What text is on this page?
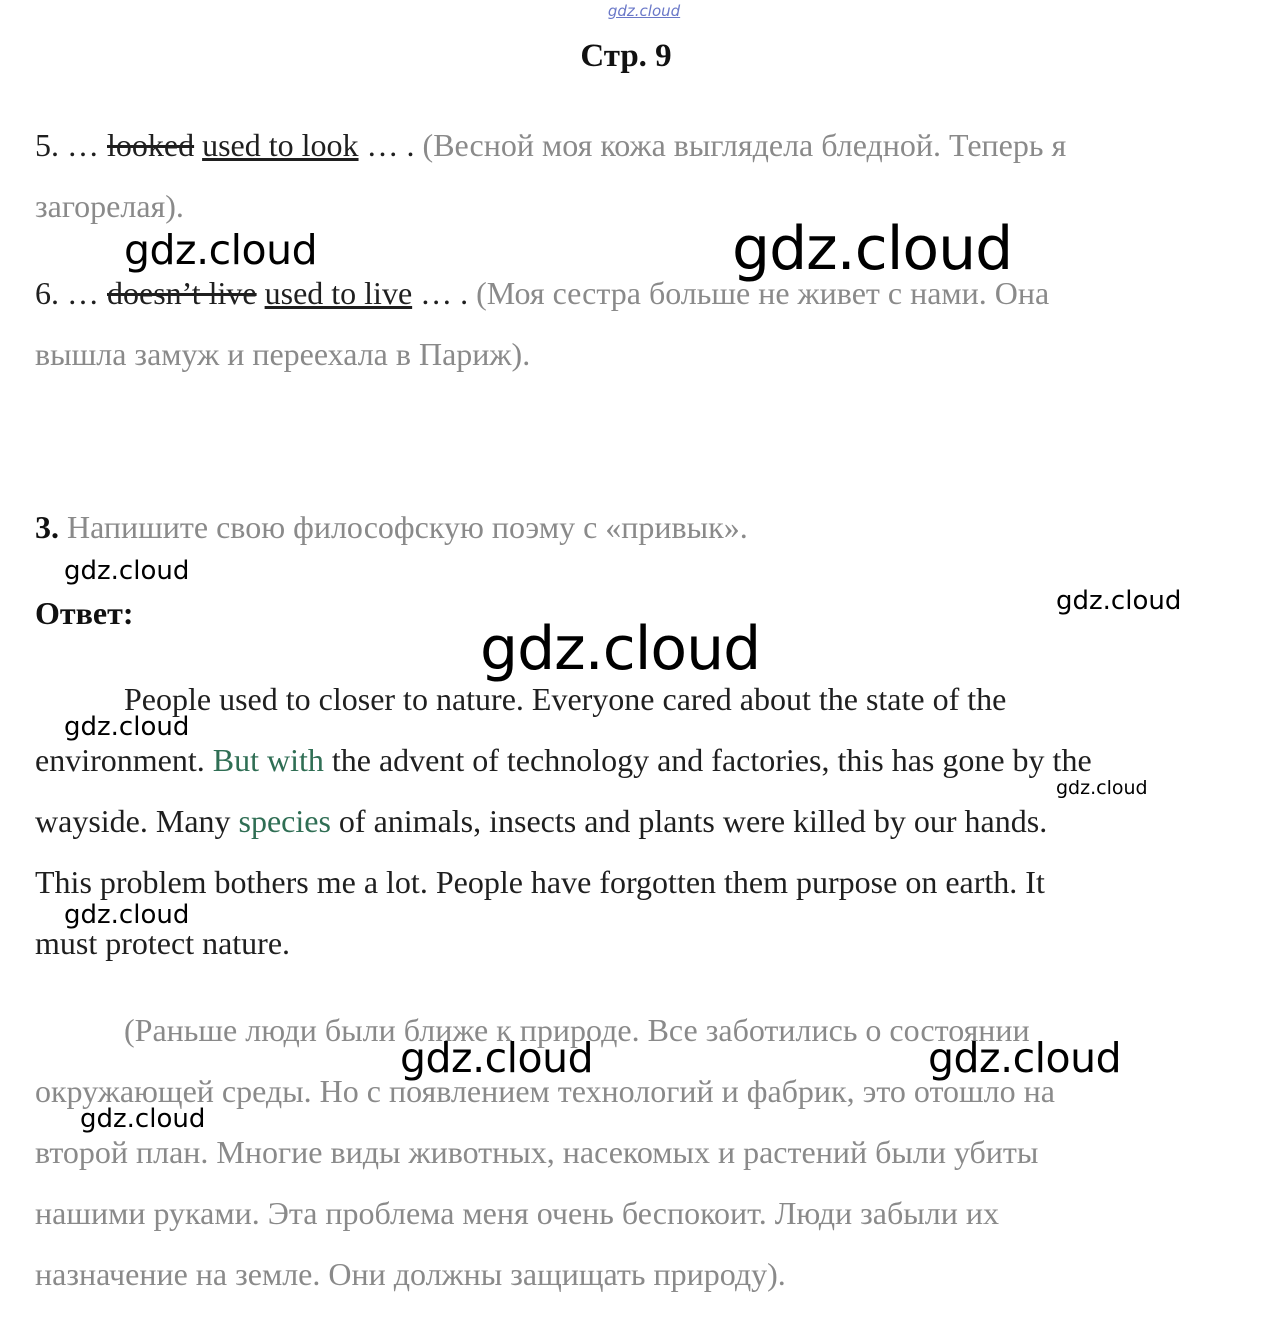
gdz.cloud
Стр. 9
5. … looked used to look … . (Весной моя кожа выглядела бледной. Теперь я
загорелая).
6. … doesn’t live used to live … . (Моя сестра больше не живет с нами. Она
вышла замуж и переехала в Париж).
3. Напишите свою философскую поэму с «привык».
Ответ:
People used to closer to nature. Everyone cared about the state of the
environment. But with the advent of technology and factories, this has gone by the
wayside. Many species of animals, insects and plants were killed by our hands.
This problem bothers me a lot. People have forgotten them purpose on earth. It
must protect nature.
(Раньше люди были ближе к природе. Все заботились о состоянии
окружающей среды. Но с появлением технологий и фабрик, это отошло на
второй план. Многие виды животных, насекомых и растений были убиты
нашими руками. Эта проблема меня очень беспокоит. Люди забыли их
назначение на земле. Они должны защищать природу).
gdz.cloud	gdz.cloud
gdz.cloud
gdz.cloud
gdz.cloud
gdz.cloud
gdz.cloud
gdz.cloud
gdz.cloud	gdz.cloud
gdz.cloud
